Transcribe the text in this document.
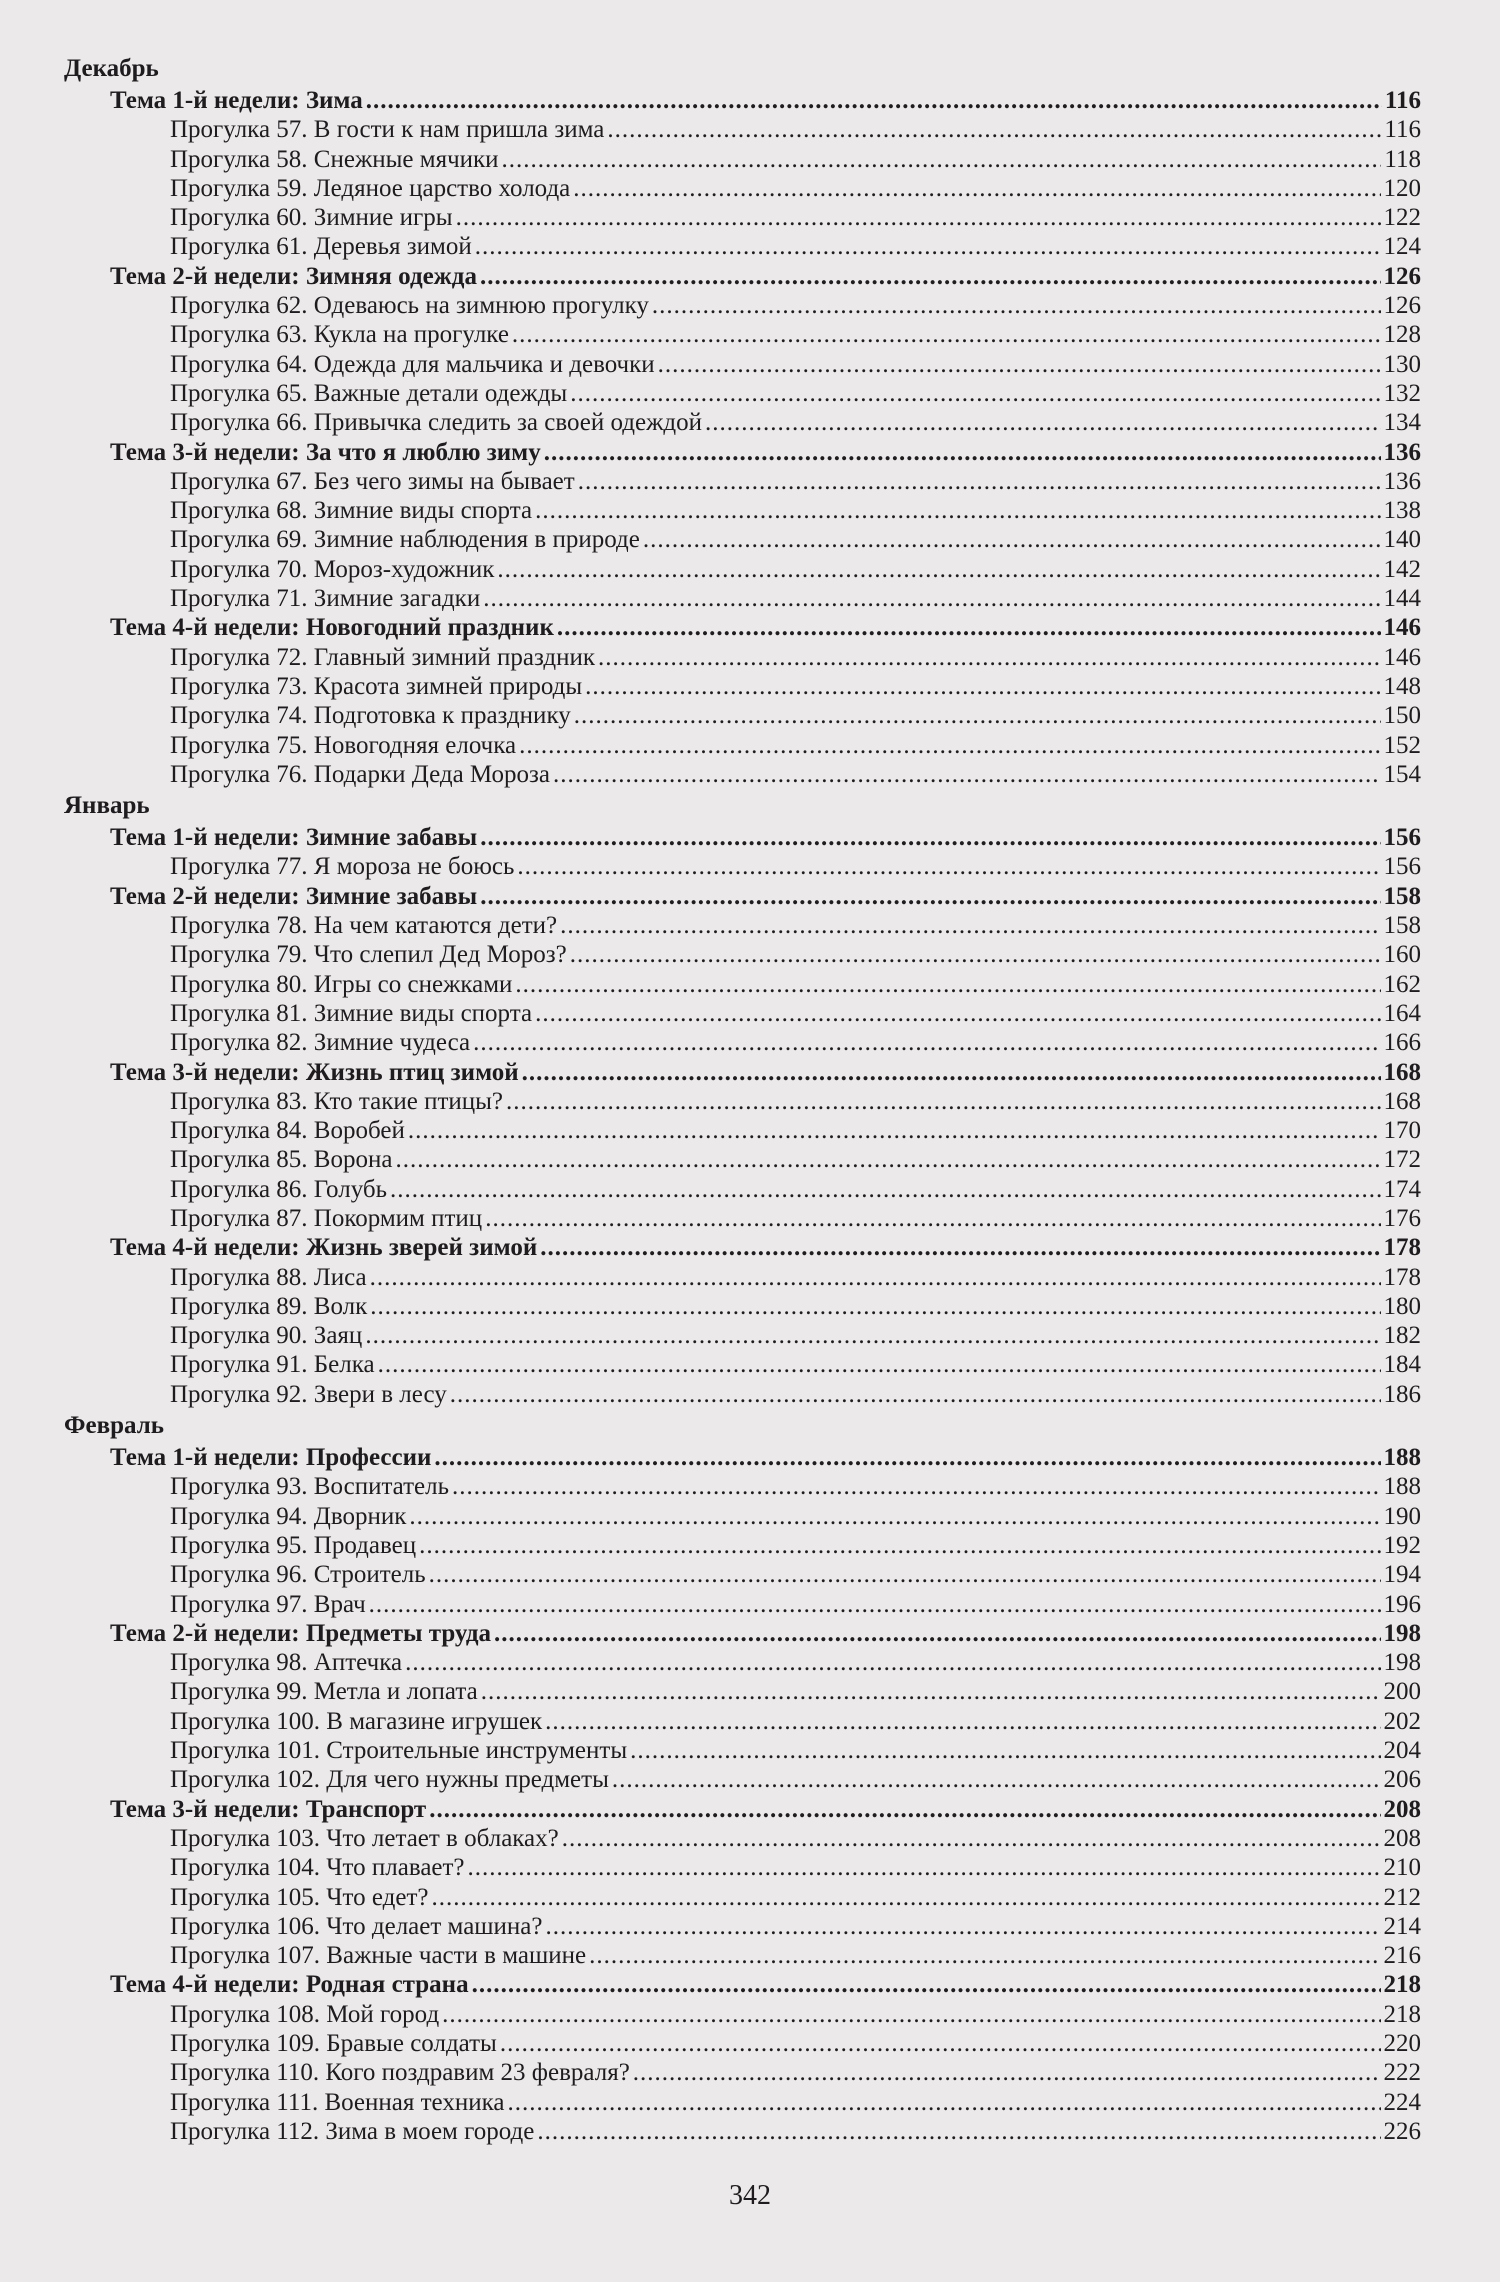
Декабрь
Тема 1-й недели: Зима .....	116
Прогулка 57. В гости к нам пришла зима .....	116
Прогулка 58. Снежные мячики .....	118
Прогулка 59. Ледяное царство холода .....	120
Прогулка 60. Зимние игры .....	122
Прогулка 61. Деревья зимой .....	124
Тема 2-й недели: Зимняя одежда .....	126
Прогулка 62. Одеваюсь на зимнюю прогулку .....	126
Прогулка 63. Кукла на прогулке .....	128
Прогулка 64. Одежда для мальчика и девочки .....	130
Прогулка 65. Важные детали одежды .....	132
Прогулка 66. Привычка следить за своей одеждой .....	134
Тема 3-й недели: За что я люблю зиму .....	136
Прогулка 67. Без чего зимы на бывает .....	136
Прогулка 68. Зимние виды спорта .....	138
Прогулка 69. Зимние наблюдения в природе .....	140
Прогулка 70. Мороз-художник .....	142
Прогулка 71. Зимние загадки .....	144
Тема 4-й недели: Новогодний праздник .....	146
Прогулка 72. Главный зимний праздник .....	146
Прогулка 73. Красота зимней природы .....	148
Прогулка 74. Подготовка к празднику .....	150
Прогулка 75. Новогодняя елочка .....	152
Прогулка 76. Подарки Деда Мороза .....	154
Январь
Тема 1-й недели: Зимние забавы .....	156
Прогулка 77. Я мороза не боюсь .....	156
Тема 2-й недели: Зимние забавы .....	158
Прогулка 78. На чем катаются дети? .....	158
Прогулка 79. Что слепил Дед Мороз? .....	160
Прогулка 80. Игры со снежками .....	162
Прогулка 81. Зимние виды спорта .....	164
Прогулка 82. Зимние чудеса .....	166
Тема 3-й недели: Жизнь птиц зимой .....	168
Прогулка 83. Кто такие птицы? .....	168
Прогулка 84. Воробей .....	170
Прогулка 85. Ворона .....	172
Прогулка 86. Голубь .....	174
Прогулка 87. Покормим птиц .....	176
Тема 4-й недели: Жизнь зверей зимой .....	178
Прогулка 88. Лиса .....	178
Прогулка 89. Волк .....	180
Прогулка 90. Заяц .....	182
Прогулка 91. Белка .....	184
Прогулка 92. Звери в лесу .....	186
Февраль
Тема 1-й недели: Профессии .....	188
Прогулка 93. Воспитатель .....	188
Прогулка 94. Дворник .....	190
Прогулка 95. Продавец .....	192
Прогулка 96. Строитель .....	194
Прогулка 97. Врач .....	196
Тема 2-й недели: Предметы труда .....	198
Прогулка 98. Аптечка .....	198
Прогулка 99. Метла и лопата .....	200
Прогулка 100. В магазине игрушек .....	202
Прогулка 101. Строительные инструменты .....	204
Прогулка 102. Для чего нужны предметы .....	206
Тема 3-й недели: Транспорт .....	208
Прогулка 103. Что летает в облаках? .....	208
Прогулка 104. Что плавает? .....	210
Прогулка 105. Что едет? .....	212
Прогулка 106. Что делает машина? .....	214
Прогулка 107. Важные части в машине .....	216
Тема 4-й недели: Родная страна .....	218
Прогулка 108. Мой город .....	218
Прогулка 109. Бравые солдаты .....	220
Прогулка 110. Кого поздравим 23 февраля? .....	222
Прогулка 111. Военная техника .....	224
Прогулка 112. Зима в моем городе .....	226
342
